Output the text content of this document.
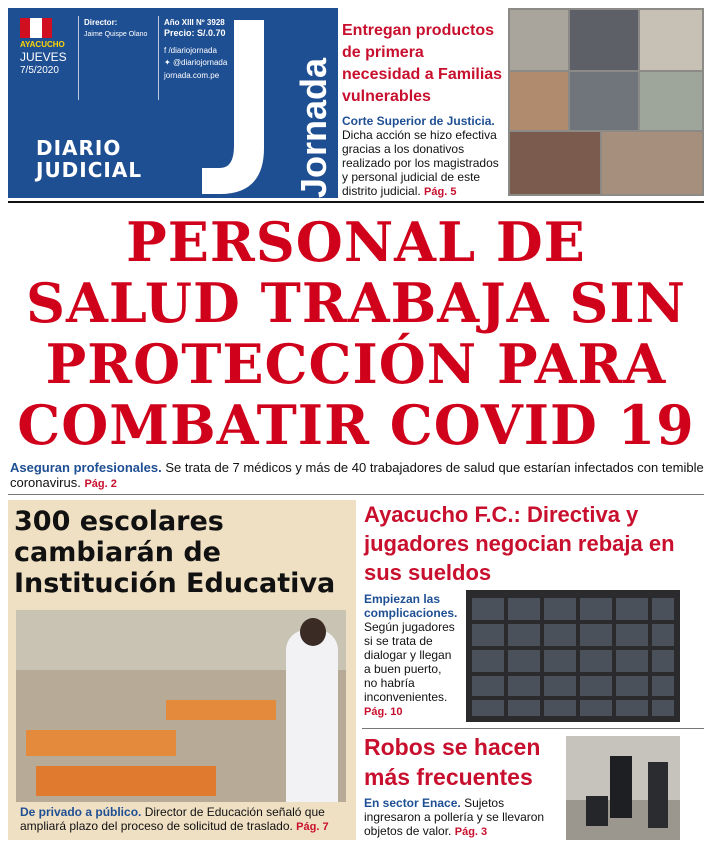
AYACUCHO
JUEVES
7/5/2020
Director:
Jaime Quispe Olano
Año XIII Nº 3928
Precio: S/.0.70
f /diariojornada
✦ @diariojornada
jornada.com.pe Jornada
DIARIO
JUDICIAL
Entregan productos de primera necesidad a Familias vulnerables
Corte Superior de Justicia. Dicha acción se hizo efectiva gracias a los donativos realizado por los magistrados y personal judicial de este distrito judicial. Pág. 5
PERSONAL DE
SALUD TRABAJA SIN
PROTECCIÓN PARA
COMBATIR COVID 19
Aseguran profesionales. Se trata de 7 médicos y más de 40 trabajadores de salud que estarían infectados con temible coronavirus. Pág. 2
300 escolares
cambiarán de
Institución Educativa
De privado a público. Director de Educación señaló que ampliará plazo del proceso de solicitud de traslado. Pág. 7
Ayacucho F.C.: Directiva y jugadores negocian rebaja en sus sueldos
Empiezan las complicaciones. Según jugadores si se trata de dialogar y llegan a buen puerto, no habría inconvenientes. Pág. 10
Robos se hacen más frecuentes
En sector Enace. Sujetos ingresaron a pollería y se llevaron objetos de valor. Pág. 3
